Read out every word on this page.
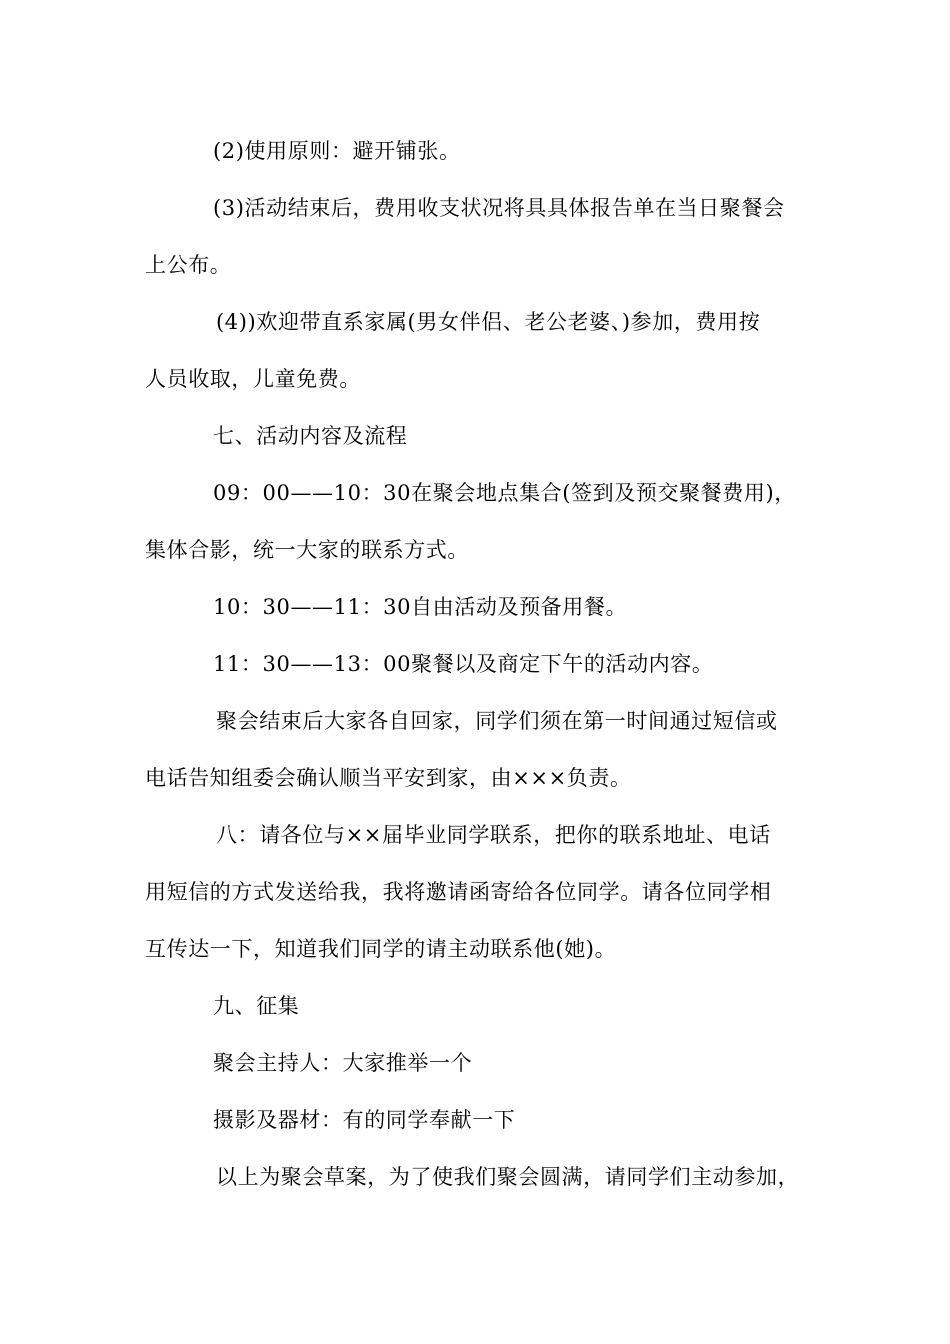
(2)使用原则：避开铺张。
(3)活动结束后，费用收支状况将具具体报告单在当日聚餐会
上公布。
(4))欢迎带直系家属(男女伴侣、老公老婆、)参加，费用按
人员收取，儿童免费。
七、活动内容及流程
09：00——10：30在聚会地点集合(签到及预交聚餐费用)，
集体合影，统一大家的联系方式。
10：30——11：30自由活动及预备用餐。
11：30——13：00聚餐以及商定下午的活动内容。
聚会结束后大家各自回家，同学们须在第一时间通过短信或
电话告知组委会确认顺当平安到家，由×××负责。
八：请各位与××届毕业同学联系，把你的联系地址、电话
用短信的方式发送给我，我将邀请函寄给各位同学。请各位同学相
互传达一下，知道我们同学的请主动联系他(她)。
九、征集
聚会主持人：大家推举一个
摄影及器材：有的同学奉献一下
以上为聚会草案，为了使我们聚会圆满，请同学们主动参加，
